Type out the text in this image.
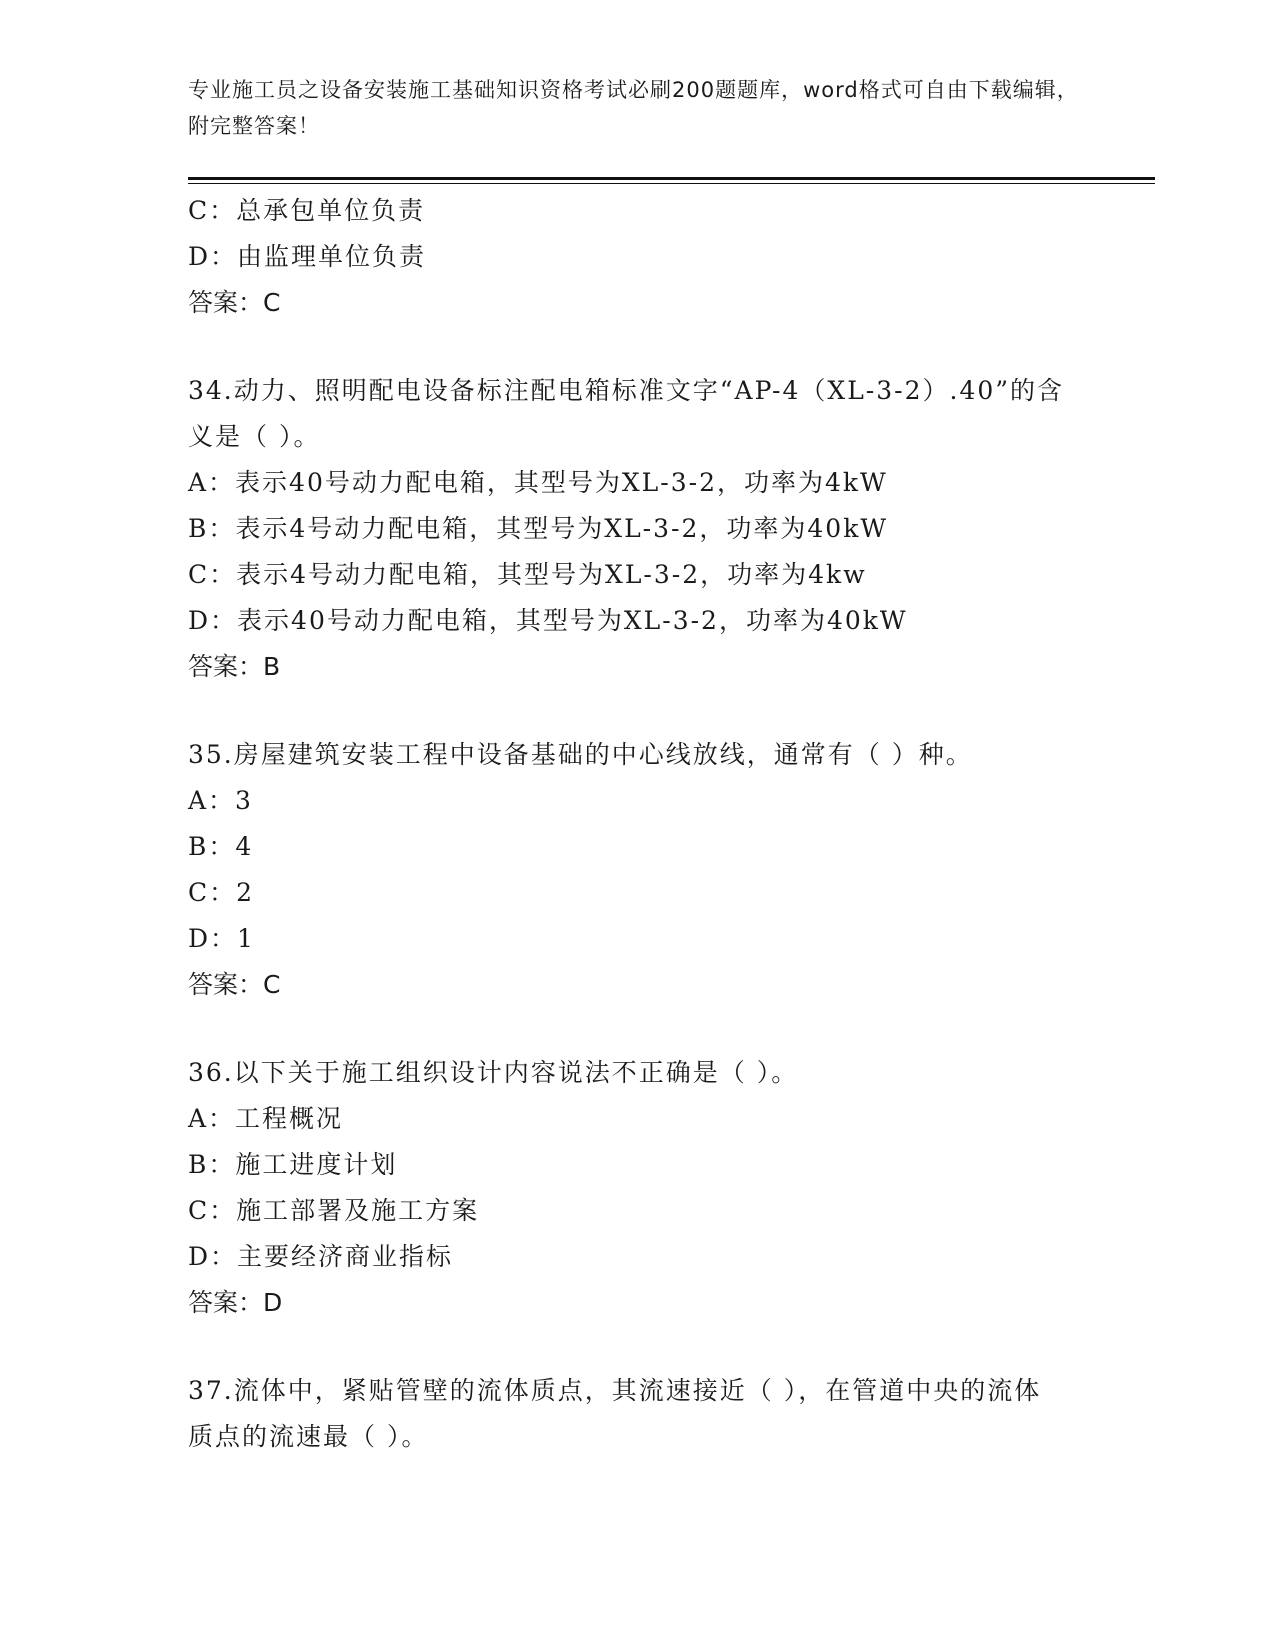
专业施工员之设备安装施工基础知识资格考试必刷200题题库，word格式可自由下载编辑，附完整答案！
C：总承包单位负责
D：由监理单位负责
答案：C
34.动力、照明配电设备标注配电箱标准文字“AP-4（XL-3-2）.40”的含义是（ ）。
A：表示40号动力配电箱，其型号为XL-3-2，功率为4kW
B：表示4号动力配电箱，其型号为XL-3-2，功率为40kW
C：表示4号动力配电箱，其型号为XL-3-2，功率为4kw
D：表示40号动力配电箱，其型号为XL-3-2，功率为40kW
答案：B
35.房屋建筑安装工程中设备基础的中心线放线，通常有（ ）种。
A：3
B：4
C：2
D：1
答案：C
36.以下关于施工组织设计内容说法不正确是（ ）。
A：工程概况
B：施工进度计划
C：施工部署及施工方案
D：主要经济商业指标
答案：D
37.流体中，紧贴管壁的流体质点，其流速接近（ ），在管道中央的流体质点的流速最（ ）。
